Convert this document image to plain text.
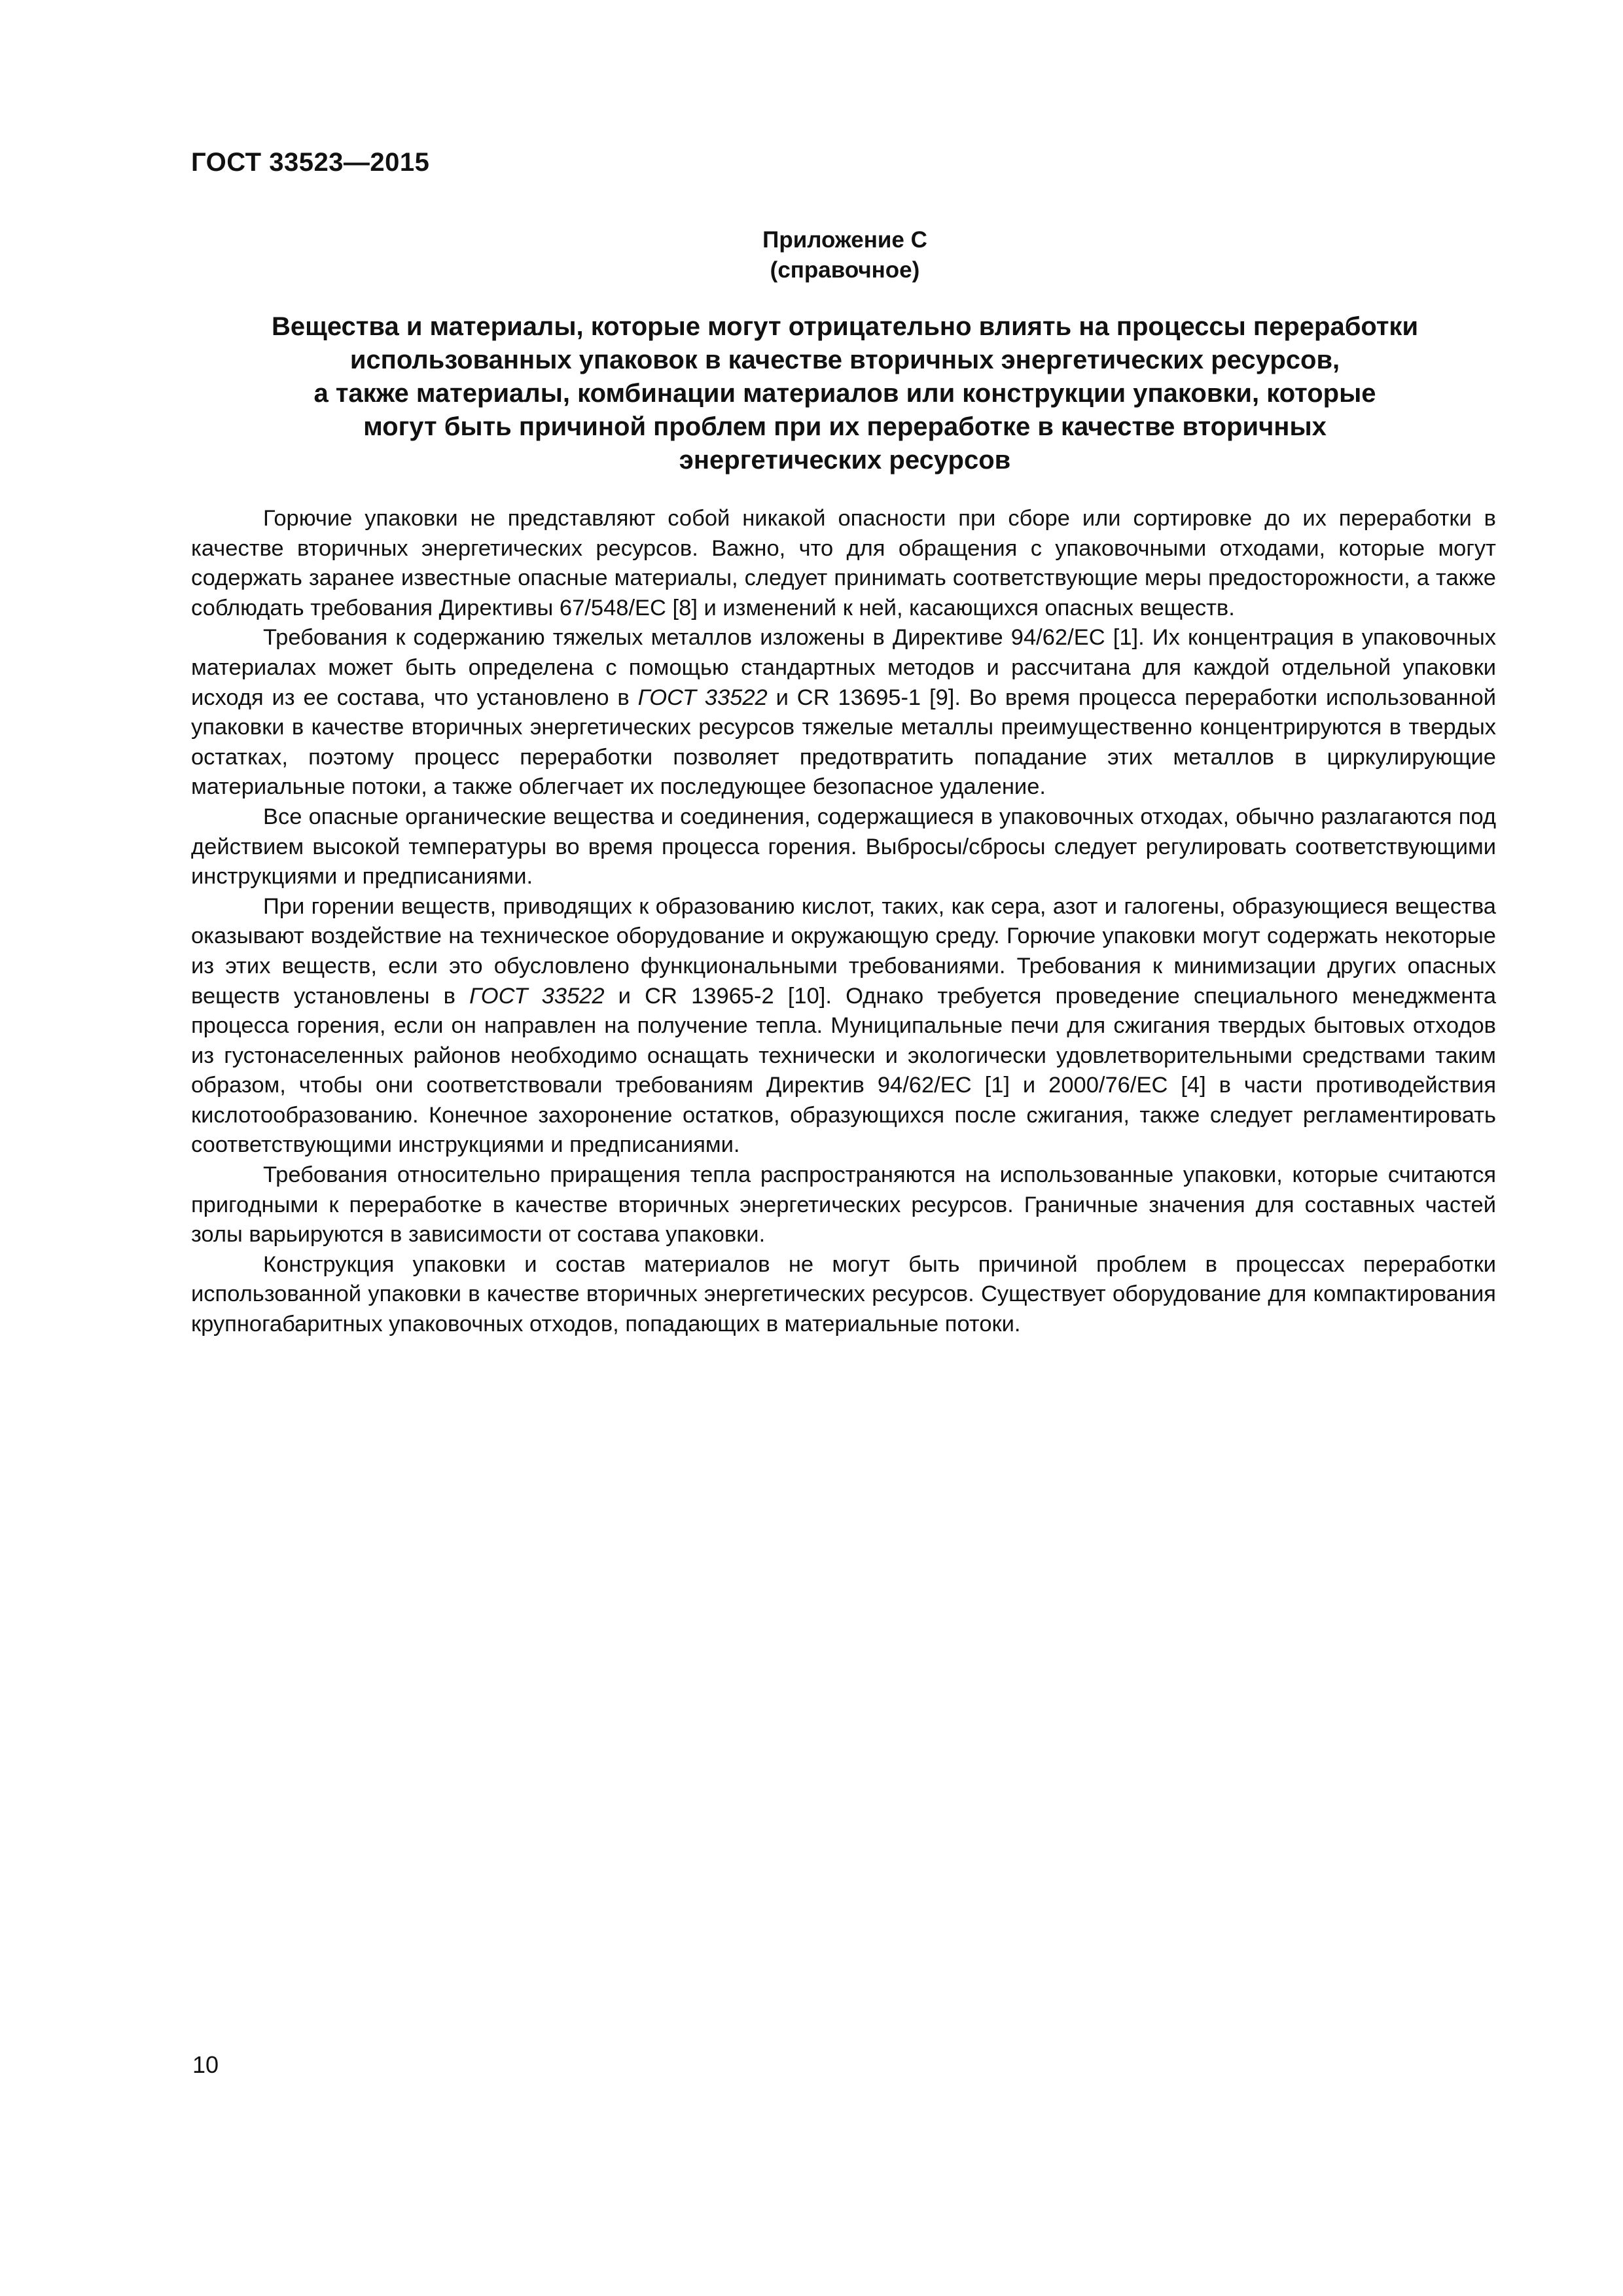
ГОСТ 33523—2015
Приложение С
(справочное)
Вещества и материалы, которые могут отрицательно влиять на процессы переработки
использованных упаковок в качестве вторичных энергетических ресурсов,
а также материалы, комбинации материалов или конструкции упаковки, которые
могут быть причиной проблем при их переработке в качестве вторичных
энергетических ресурсов

Горючие упаковки не представляют собой никакой опасности при сборе или сортировке до их переработки в качестве вторичных энергетических ресурсов. Важно, что для обращения с упаковочными отходами, которые могут содержать заранее известные опасные материалы, следует принимать соответствующие меры предосторожности, а также соблюдать требования Директивы 67/548/ЕС [8] и изменений к ней, касающихся опасных веществ.

Требования к содержанию тяжелых металлов изложены в Директиве 94/62/ЕС [1]. Их концентрация в упаковочных материалах может быть определена с помощью стандартных методов и рассчитана для каждой отдельной упаковки исходя из ее состава, что установлено в ГОСТ 33522 и CR 13695-1 [9]. Во время процесса переработки использованной упаковки в качестве вторичных энергетических ресурсов тяжелые металлы преимущественно концентрируются в твердых остатках, поэтому процесс переработки позволяет предотвратить попадание этих металлов в циркулирующие материальные потоки, а также облегчает их последующее безопасное удаление.

Все опасные органические вещества и соединения, содержащиеся в упаковочных отходах, обычно разлагаются под действием высокой температуры во время процесса горения. Выбросы/сбросы следует регулировать соответствующими инструкциями и предписаниями.

При горении веществ, приводящих к образованию кислот, таких, как сера, азот и галогены, образующиеся вещества оказывают воздействие на техническое оборудование и окружающую среду. Горючие упаковки могут содержать некоторые из этих веществ, если это обусловлено функциональными требованиями. Требования к минимизации других опасных веществ установлены в ГОСТ 33522 и CR 13965-2 [10]. Однако требуется проведение специального менеджмента процесса горения, если он направлен на получение тепла. Муниципальные печи для сжигания твердых бытовых отходов из густонаселенных районов необходимо оснащать технически и экологически удовлетворительными средствами таким образом, чтобы они соответствовали требованиям Директив 94/62/ЕС [1] и 2000/76/ЕС [4] в части противодействия кислотообразованию. Конечное захоронение остатков, образующихся после сжигания, также следует регламентировать соответствующими инструкциями и предписаниями.

Требования относительно приращения тепла распространяются на использованные упаковки, которые считаются пригодными к переработке в качестве вторичных энергетических ресурсов. Граничные значения для составных частей золы варьируются в зависимости от состава упаковки.

Конструкция упаковки и состав материалов не могут быть причиной проблем в процессах переработки использованной упаковки в качестве вторичных энергетических ресурсов. Существует оборудование для компактирования крупногабаритных упаковочных отходов, попадающих в материальные потоки.

10
